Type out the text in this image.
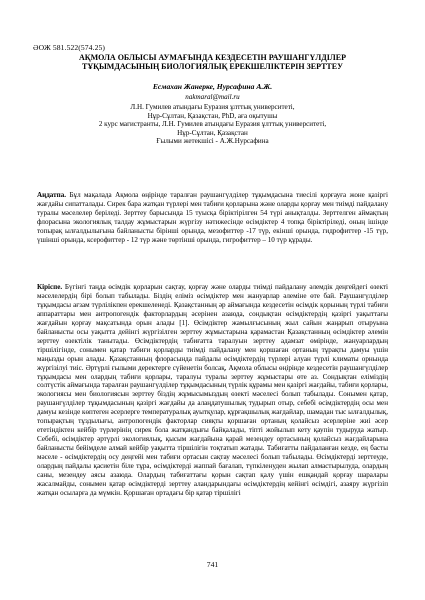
ӘОЖ 581.522(574.25)
АҚМОЛА ОБЛЫСЫ АУМАҒЫНДА КЕЗДЕСЕТІН РАУШАНГҮЛДІЛЕР ТҰҚЫМДАСЫНЫҢ БИОЛОГИЯЛЫҚ ЕРЕКШЕЛІКТЕРІН ЗЕРТТЕУ
Есмахан Жанерке, Нурсафина А.Ж.
nakmaral@mail.ru
Л.Н. Гумилев атындағы Еуразия ұлттық университеті,
Нұр-Сұлтан, Қазақстан, PhD, аға оқытушы
2 курс магистранты, Л.Н. Гумилев атындағы Еуразия ұлттық университеті,
Нұр-Сұлтан, Қазақстан
Ғылыми жетекшісі - А.Ж.Нурсафина
Аңдатпа. Бұл мақалада Ақмола өңірінде таралған раушангүлділер тұқымдасына тиесілі қорғауға жоне қазіргі жағдайы сипатталады. Сирек бара жатқан түрлері мен табиғи қорларына және оларды қорғау мен тиімді пайдалану туралы мәселелер беріледі. Зерттеу барысында 15 туысқа біріктірілген 54 түрі анықталды. Зерттелген аймақтың флорасына экологиялық талдау жұмыстарын жүргізу нәтижесінде өсімдіктер 4 топқа біріктіріледі, оның ішінде топырақ ылғалдылығына байланысты бірінші орында, мезофиттер -17 түр, екінші орында, гидрофиттер -15 түр, үшінші орында, ксерофиттер - 12 түр және төртінші орында, гигрофиттер – 10 түр құрады.
Кіріспе. Бүгінгі таңда өсімдік қорларын сақтау, қорғау және оларды тиімді пайдалану әлемдік деңгейдегі өзекті мәселелердің бірі болып табылады. Біздің еліміз өсімдіктер мен жануарлар әлеміне өте бай. Раушангүлділер тұқымдасы ағзам түрлілікпен ерекшеленеді. Қазақстанның әр аймағында кездесетін өсімдік қорының түрлі табиғи аппараттары мен антропогендік факторлардың әсерінен азаюда, сондықтан өсімдіктердің қазіргі уақыттағы жағдайын қорғау мақсатында орын алады [1]. Өсімдіктер жамылғысының жыл сайын жаңарып отыруына байланысты осы уақытта дейінгі жүргізілген зерттеу жұмыстарына қарамастан Қазақстанның өсімдіктер әлемін зерттеу өзектілік танытады. Өсімдіктердің табиғатта таралуын зерттеу адамзат өмірінде, жануарлардың тіршілігінде, сонымен қатар табиғи қорларды тиімді пайдалану мен қоршаған ортаның тұрақты дамуы үшін маңызды орын алады. Қазақстанның флорасында пайдалы өсімдіктердің түрлері алуан түрлі климаты орнында жүргізілуі тиіс. Әртүрлі ғылыми деректерге сүйенетін болсақ, Ақмола облысы өңірінде кездесетін раушангүлділер тұқымдасы мен олардың табиғи қорлары, таралуы туралы зерттеу жұмыстары өте аз. Сондықтан еліміздің солтүстік аймағында таралған раушангүлділер тұқымдасының түрлік құрамы мен қазіргі жағдайы, табиғи қорлары, экологиясы мен биологиясын зерттеу біздің жұмысымыздың өзекті мәселесі болып табылады. Сонымен қатар, раушангүлділер тұқымдасының қазіргі жағдайы да алаңдатушылық тудырып отыр, себебі өсімдіктердің осы мен дамуы кезінде көптеген әсерлерге температуралық ауытқулар, құрғақшылық жағдайлар, шамадан тыс ылғалдылық, топырақтың тұздылығы, антропогендік факторлар сияқты қоршаған ортаның қолайсыз әсерлеріне жиі әсер ететіндіктен кейбір түрлерінің сирек бола жатқандығы байқалады, тіпті жойылып кету қаупін тудыруда жатыр. Себебі, өсімдіктер әртүрлі экологиялық, қысым жағдайына қарай мезендеу ортасының қолайсыз жағдайларына байланысты бейімделе алмай кейбір уақытта тіршілігін тоқтатып жатады. Табиғатты пайдаланған кезде, ең басты мәселе - өсімдіктердің осу деңгейі мен табиғи ортасын сақтау мәселесі болып табылады. Өсімдіктерді зерттеуде, олардың пайдалы қасиетін біле тұра, өсімдіктерді жаппай бағалап, түпкіленуден жылап алмастырылуда, олардың саны, мезендеу аясы азаюда. Олардың табиғаттағы қорын сақтап қалу үшін ешқандай қорғау шаралары жасалмайды, сонымен қатар өсімдіктерді зерттеу аландарындағы өсімдіктердің кейінгі өсімдігі, азаяру жүргізіп жатқан осыларға да мүмкін. Қоршаған ортадағы бір қатар тіршілігі
741
